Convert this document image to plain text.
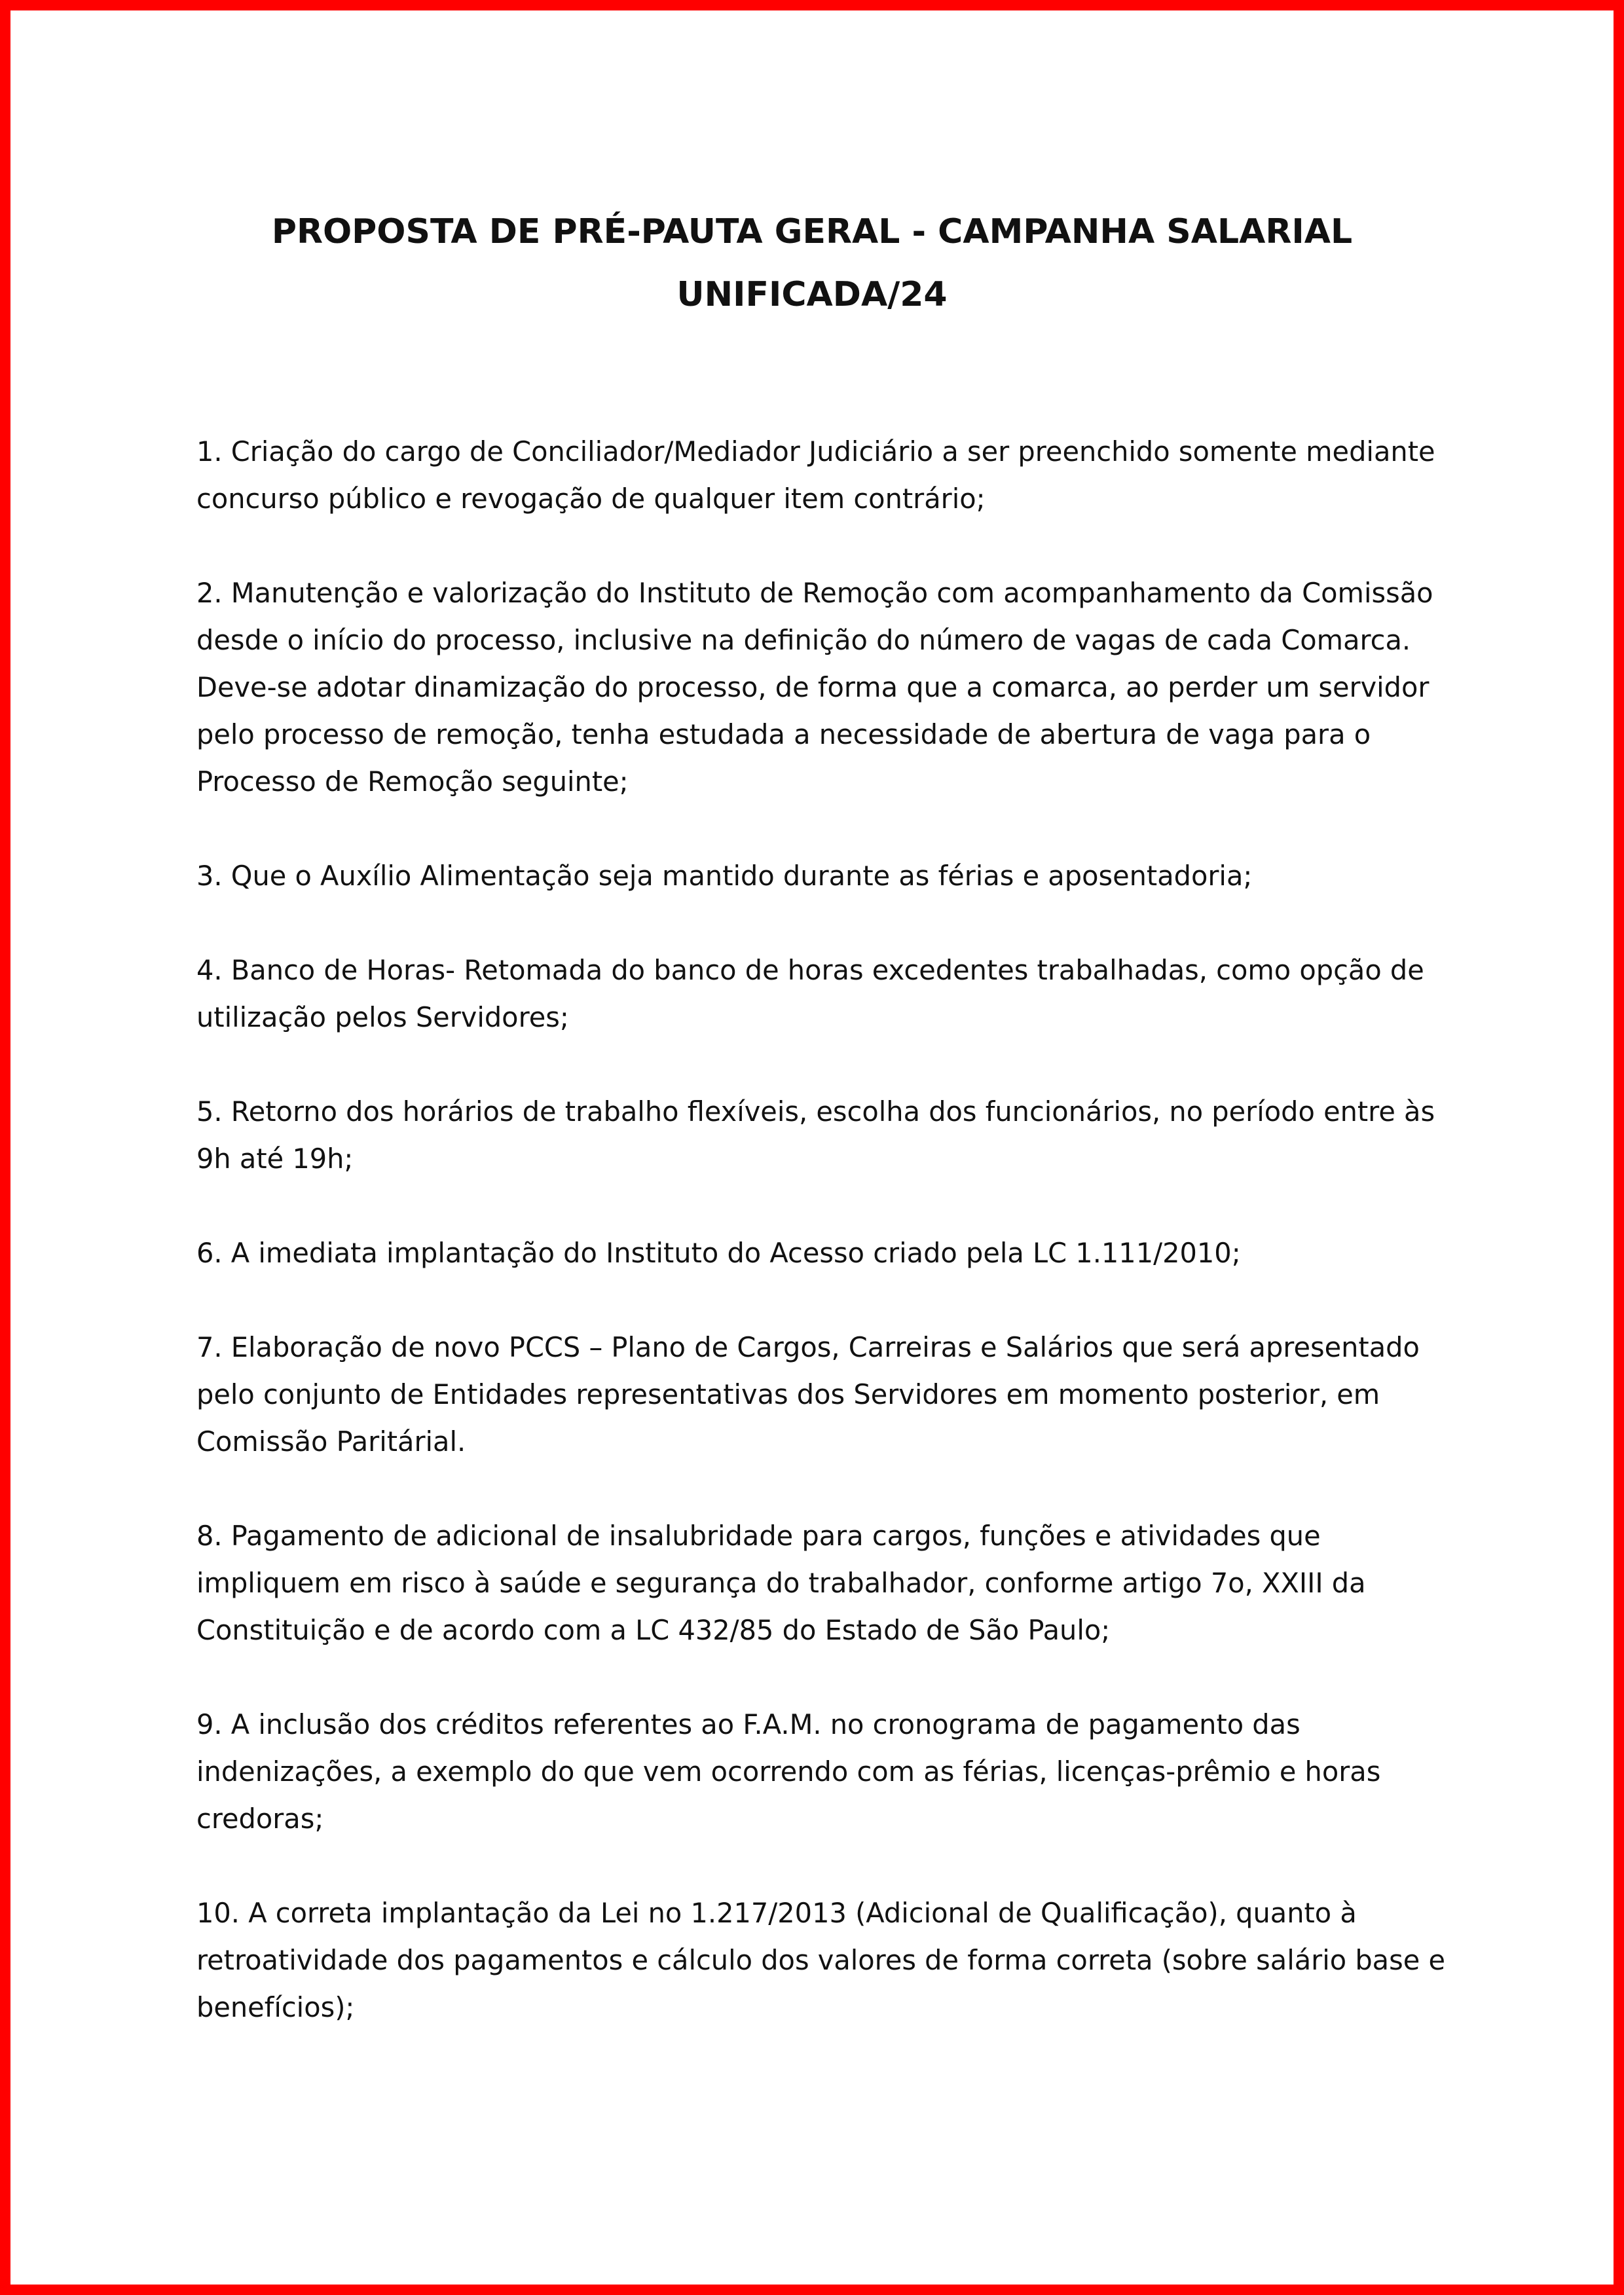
PROPOSTA DE PRÉ-PAUTA GERAL - CAMPANHA SALARIAL
UNIFICADA/24
1. Criação do cargo de Conciliador/Mediador Judiciário a ser preenchido somente mediante
concurso público e revogação de qualquer item contrário;
2. Manutenção e valorização do Instituto de Remoção com acompanhamento da Comissão
desde o início do processo, inclusive na definição do número de vagas de cada Comarca.
Deve-se adotar dinamização do processo, de forma que a comarca, ao perder um servidor
pelo processo de remoção, tenha estudada a necessidade de abertura de vaga para o
Processo de Remoção seguinte;
3. Que o Auxílio Alimentação seja mantido durante as férias e aposentadoria;
4. Banco de Horas- Retomada do banco de horas excedentes trabalhadas, como opção de
utilização pelos Servidores;
5. Retorno dos horários de trabalho flexíveis, escolha dos funcionários, no período entre às
9h até 19h;
6. A imediata implantação do Instituto do Acesso criado pela LC 1.111/2010;
7. Elaboração de novo PCCS – Plano de Cargos, Carreiras e Salários que será apresentado
pelo conjunto de Entidades representativas dos Servidores em momento posterior, em
Comissão Paritárial.
8. Pagamento de adicional de insalubridade para cargos, funções e atividades que
impliquem em risco à saúde e segurança do trabalhador, conforme artigo 7o, XXIII da
Constituição e de acordo com a LC 432/85 do Estado de São Paulo;
9. A inclusão dos créditos referentes ao F.A.M. no cronograma de pagamento das
indenizações, a exemplo do que vem ocorrendo com as férias, licenças-prêmio e horas
credoras;
10. A correta implantação da Lei no 1.217/2013 (Adicional de Qualificação), quanto à
retroatividade dos pagamentos e cálculo dos valores de forma correta (sobre salário base e
benefícios);
